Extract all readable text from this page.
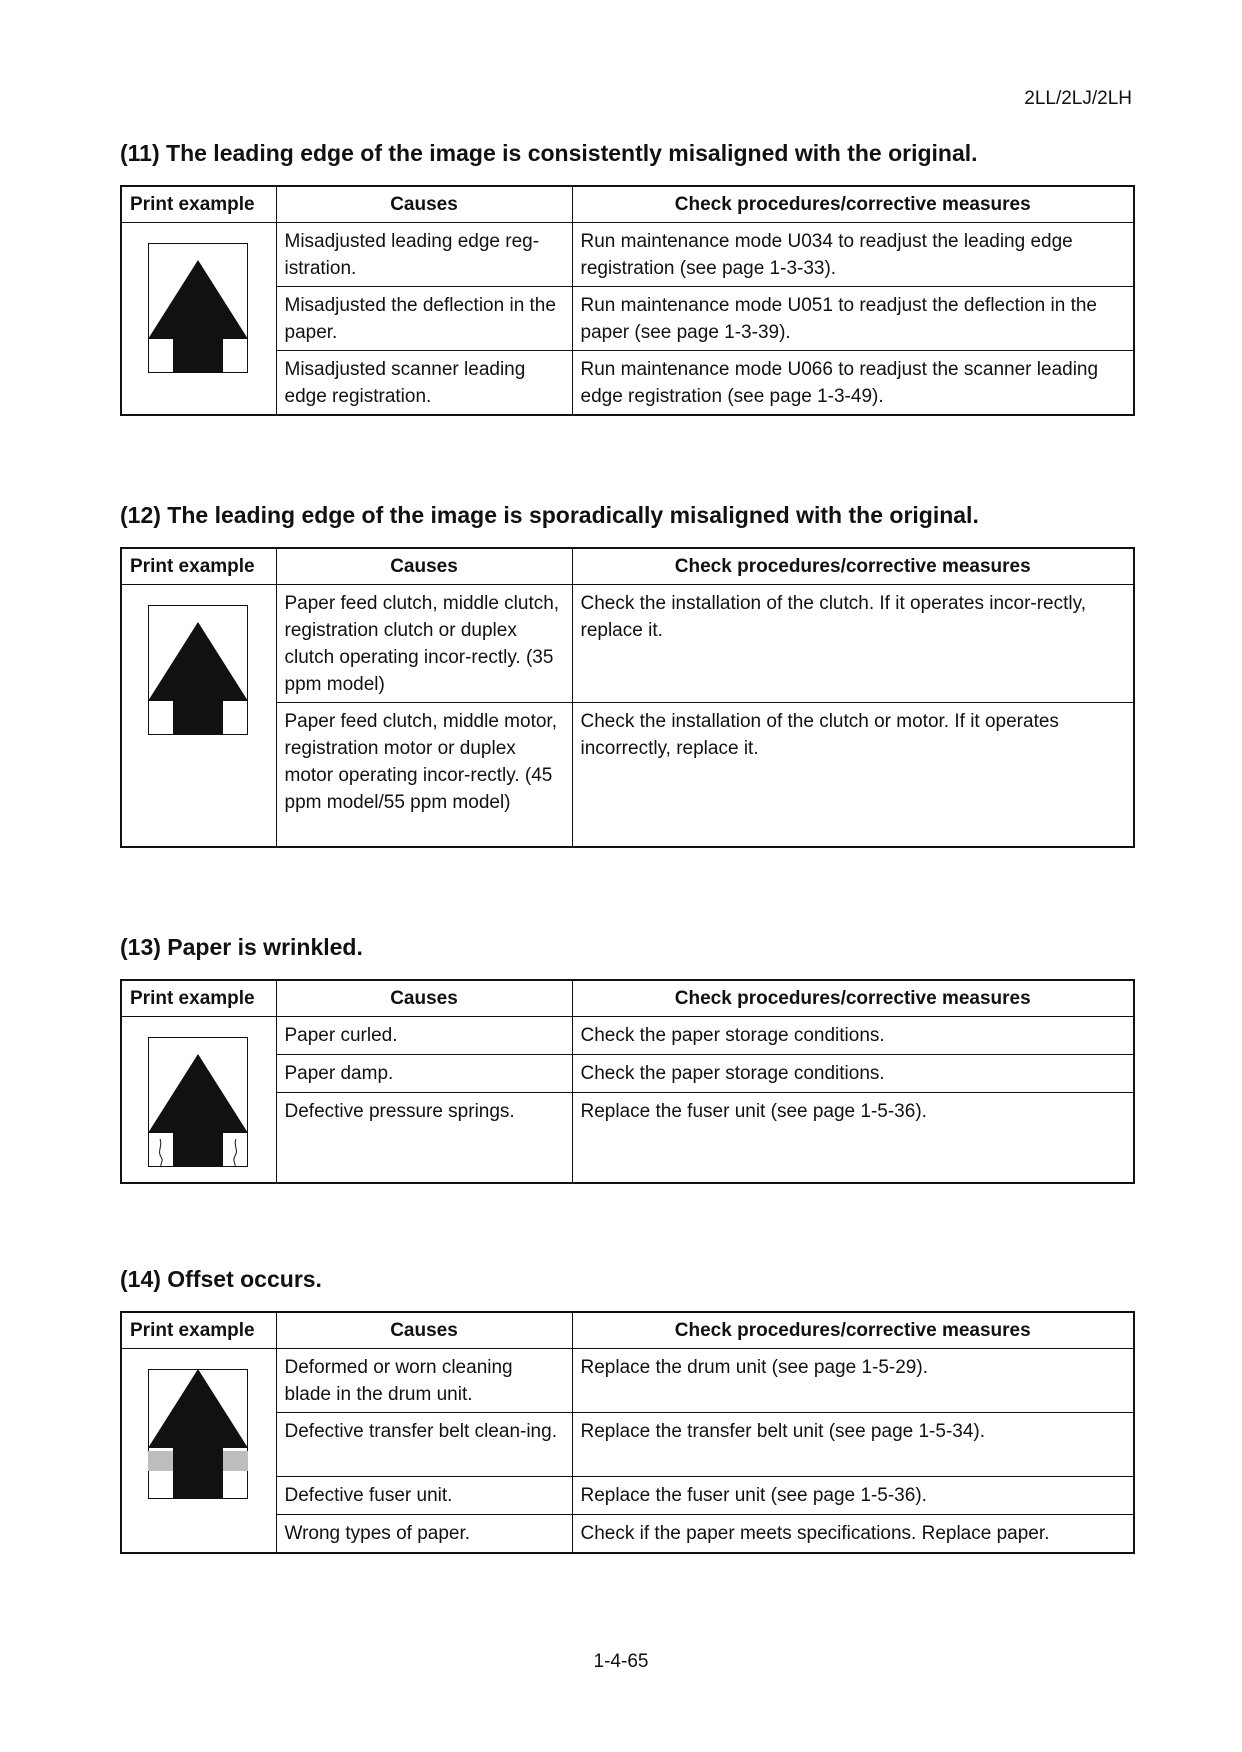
2LL/2LJ/2LH
(11) The leading edge of the image is consistently misaligned with the original.
Print example	Causes	Check procedures/corrective measures

	Misadjusted leading edge reg-istration.	Run maintenance mode U034 to readjust the leading edge registration (see page 1-3-33).
	Misadjusted the deflection in the paper.	Run maintenance mode U051 to readjust the deflection in the paper (see page 1-3-39).
	Misadjusted scanner leading edge registration.	Run maintenance mode U066 to readjust the scanner leading edge registration (see page 1-3-49).
(12) The leading edge of the image is sporadically misaligned with the original.
Print example	Causes	Check procedures/corrective measures

	Paper feed clutch, middle clutch, registration clutch or duplex clutch operating incor-rectly. (35 ppm model)	Check the installation of the clutch. If it operates incor-rectly, replace it.
	Paper feed clutch, middle motor, registration motor or duplex motor operating incor-rectly. (45 ppm model/55 ppm model)	Check the installation of the clutch or motor. If it operates incorrectly, replace it.
(13) Paper is wrinkled.
Print example	Causes	Check procedures/corrective measures

	Paper curled.	Check the paper storage conditions.
	Paper damp.	Check the paper storage conditions.
	Defective pressure springs.	Replace the fuser unit (see page 1-5-36).
(14) Offset occurs.
Print example	Causes	Check procedures/corrective measures

	Deformed or worn cleaning blade in the drum unit.	Replace the drum unit (see page 1-5-29).
	Defective transfer belt clean-ing.	Replace the transfer belt unit (see page 1-5-34).
	Defective fuser unit.	Replace the fuser unit (see page 1-5-36).
	Wrong types of paper.	Check if the paper meets specifications. Replace paper.
1-4-65
